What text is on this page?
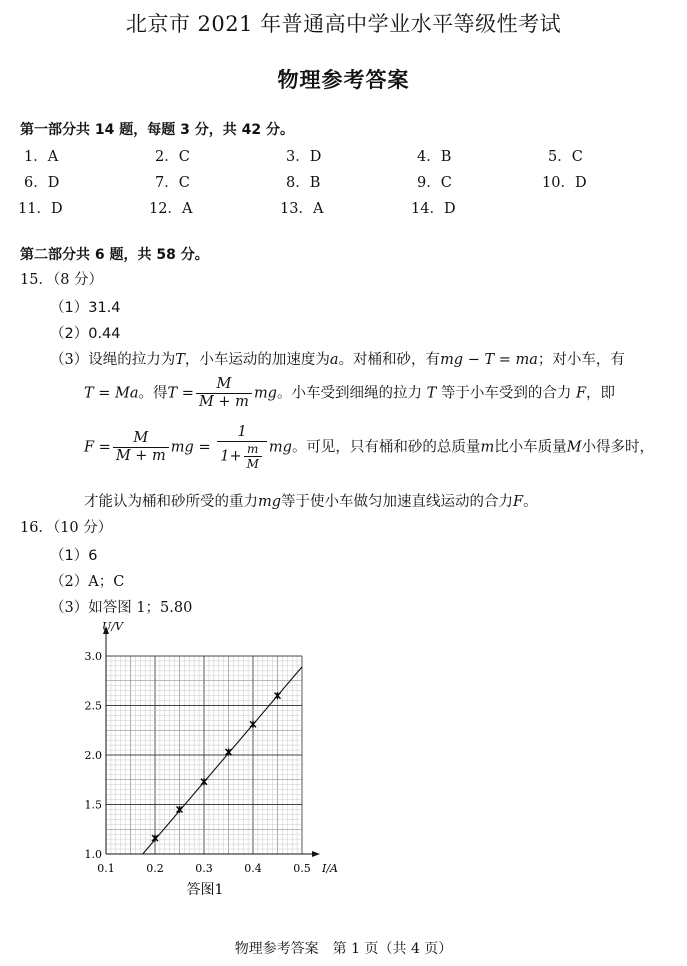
北京市 2021 年普通高中学业水平等级性考试
物理参考答案
第一部分共 14 题，每题 3 分，共 42 分。
1．A	2．C	3．D	4．B	5．C
6．D	7．C	8．B	9．C	10．D
11．D	12．A	13．A	14．D
第二部分共 6 题，共 58 分。
15．（8 分）
（1）31.4
（2）0.44
（3）设绳的拉力为T，小车运动的加速度为a。对桶和砂，有mg − T = ma；对小车，有
T = Ma。得$T = \frac{M}{M + m}$ mg。小车受到细绳的拉力 T 等于小车受到的合力 F，即
$F = \frac{M}{M + m}$ mg = $\frac{1}{1+ \frac{m}{M}}$ mg。可见，只有桶和砂的总质量m比小车质量M小得多时，
才能认为桶和砂所受的重力mg等于使小车做匀加速直线运动的合力F。
16．（10 分）
（1）6
（2）A；C
（3）如答图 1；5.80
0.1	0.2	0.3	0.4	0.5
1.0
1.5
2.0
2.5
3.0
I/A
U/V
答图1
物理参考答案　第 1 页（共 4 页）
